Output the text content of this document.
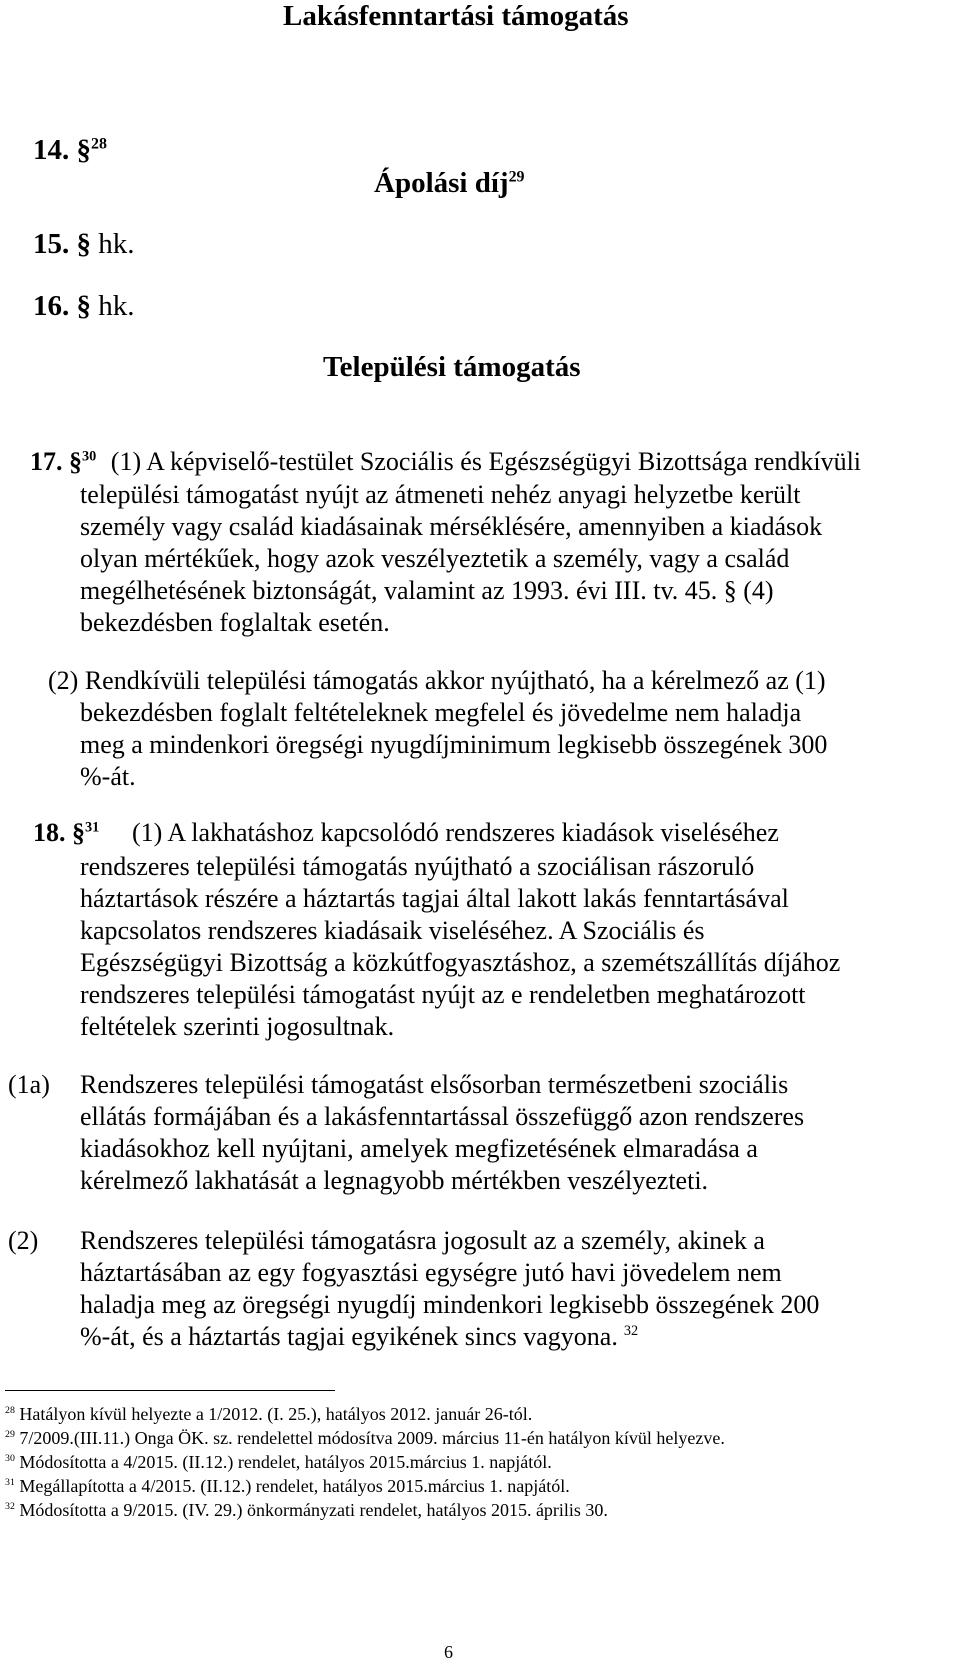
Lakásfenntartási támogatás
14. §$^{28}$
Ápolási díj$^{29}$
15. § hk.
16. § hk.
Települési támogatás
17. §$^{30}$ (1) A képviselő-testület Szociális és Egészségügyi Bizottsága rendkívüli
települési támogatást nyújt az átmeneti nehéz anyagi helyzetbe került
személy vagy család kiadásainak mérséklésére, amennyiben a kiadások
olyan mértékűek, hogy azok veszélyeztetik a személy, vagy a család
megélhetésének biztonságát, valamint az 1993. évi III. tv. 45. § (4)
bekezdésben foglaltak esetén.
(2) Rendkívüli települési támogatás akkor nyújtható, ha a kérelmező az (1)
bekezdésben foglalt feltételeknek megfelel és jövedelme nem haladja
meg a mindenkori öregségi nyugdíjminimum legkisebb összegének 300
%-át.
18. §$^{31}$ (1) A lakhatáshoz kapcsolódó rendszeres kiadások viseléséhez
rendszeres települési támogatás nyújtható a szociálisan rászoruló
háztartások részére a háztartás tagjai által lakott lakás fenntartásával
kapcsolatos rendszeres kiadásaik viseléséhez. A Szociális és
Egészségügyi Bizottság a közkútfogyasztáshoz, a szemétszállítás díjához
rendszeres települési támogatást nyújt az e rendeletben meghatározott
feltételek szerinti jogosultnak.
(1a) Rendszeres települési támogatást elsősorban természetbeni szociális
ellátás formájában és a lakásfenntartással összefüggő azon rendszeres
kiadásokhoz kell nyújtani, amelyek megfizetésének elmaradása a
kérelmező lakhatását a legnagyobb mértékben veszélyezteti.
(2) Rendszeres települési támogatásra jogosult az a személy, akinek a
háztartásában az egy fogyasztási egységre jutó havi jövedelem nem
haladja meg az öregségi nyugdíj mindenkori legkisebb összegének 200
%-át, és a háztartás tagjai egyikének sincs vagyona. $^{32}$
$^{28}$ Hatályon kívül helyezte a 1/2012. (I. 25.), hatályos 2012. január 26-tól.
$^{29}$ 7/2009.(III.11.) Onga ÖK. sz. rendelettel módosítva 2009. március 11-én hatályon kívül helyezve.
$^{30}$ Módosította a 4/2015. (II.12.) rendelet, hatályos 2015.március 1. napjától.
$^{31}$ Megállapította a 4/2015. (II.12.) rendelet, hatályos 2015.március 1. napjától.
$^{32}$ Módosította a 9/2015. (IV. 29.) önkormányzati rendelet, hatályos 2015. április 30.
6
